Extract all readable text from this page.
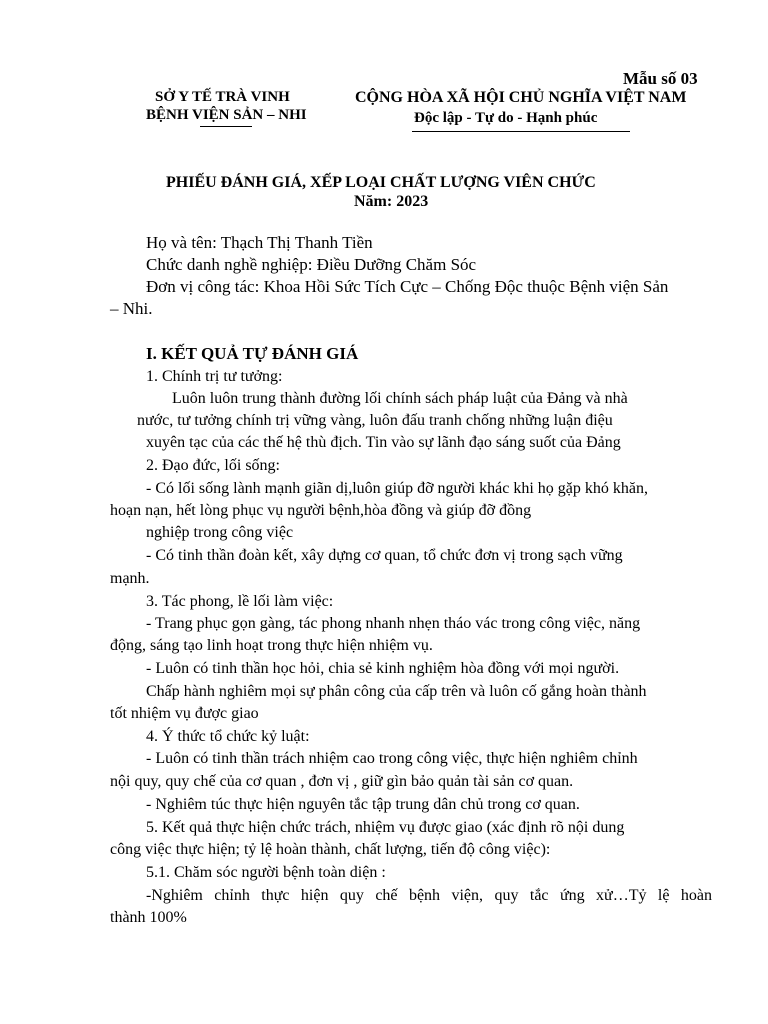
Mẫu số 03
SỞ Y TẾ TRÀ VINH
BỆNH VIỆN SẢN – NHI
CỘNG HÒA XÃ HỘI CHỦ NGHĨA VIỆT NAM
Độc lập - Tự do - Hạnh phúc
PHIẾU ĐÁNH GIÁ, XẾP LOẠI CHẤT LƯỢNG VIÊN CHỨC
Năm: 2023
Họ và tên: Thạch Thị Thanh Tiền
Chức danh nghề nghiệp: Điều Dưỡng Chăm Sóc
Đơn vị công tác: Khoa Hồi Sức Tích Cực – Chống Độc thuộc Bệnh viện Sản
– Nhi.
I. KẾT QUẢ TỰ ĐÁNH GIÁ
1. Chính trị tư tưởng:
Luôn luôn trung thành đường lối chính sách pháp luật của Đảng và nhà
nước, tư tưởng chính trị vững vàng, luôn đấu tranh chống những luận điệu
xuyên tạc của các thế hệ thù địch. Tin vào sự lãnh đạo sáng suốt của Đảng
2. Đạo đức, lối sống:
- Có lối sống lành mạnh giãn dị,luôn giúp đỡ người khác khi họ gặp khó khăn,
hoạn nạn, hết lòng phục vụ người bệnh,hòa đồng và giúp đỡ đồng
nghiệp trong công việc
- Có tinh thần đoàn kết, xây dựng cơ quan, tổ chức đơn vị trong sạch vững
mạnh.
3. Tác phong, lề lối làm việc:
- Trang phục gọn gàng, tác phong nhanh nhẹn tháo vác trong công việc, năng
động, sáng tạo linh hoạt trong thực hiện nhiệm vụ.
- Luôn có tinh thần học hỏi, chia sẻ kinh nghiệm hòa đồng với mọi người.
Chấp hành nghiêm mọi sự phân công của cấp trên và luôn cố gắng hoàn thành
tốt nhiệm vụ được giao
4. Ý thức tổ chức kỷ luật:
- Luôn có tinh thần trách nhiệm cao trong công việc, thực hiện nghiêm chỉnh
nội quy, quy chế của cơ quan , đơn vị , giữ gìn bảo quản tài sản cơ quan.
- Nghiêm túc thực hiện nguyên tắc tập trung dân chủ trong cơ quan.
5. Kết quả thực hiện chức trách, nhiệm vụ được giao (xác định rõ nội dung
công việc thực hiện; tỷ lệ hoàn thành, chất lượng, tiến độ công việc):
5.1. Chăm sóc người bệnh toàn diện :
-Nghiêm chỉnh thực hiện quy chế bệnh viện, quy tắc ứng xử…Tỷ lệ hoàn
thành 100%
